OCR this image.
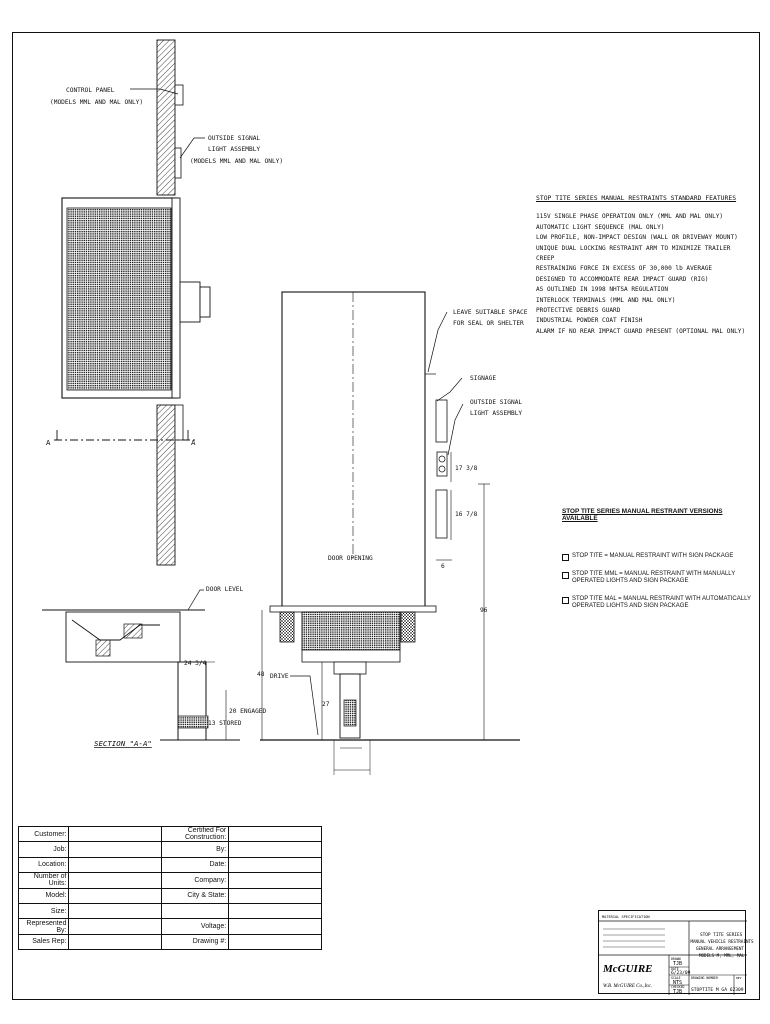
A	A
CONTROL PANEL
(MODELS MML AND MAL ONLY)
OUTSIDE SIGNAL
LIGHT ASSEMBLY
(MODELS MML AND MAL ONLY)
DOOR OPENING
LEAVE SUITABLE SPACE
FOR SEAL OR SHELTER
SIGNAGE
OUTSIDE SIGNAL
LIGHT ASSEMBLY
17 3/8
16 7/8
6
96
48
27
DRIVE
DOOR LEVEL
24 3/4
20 ENGAGED
13 STORED
SECTION "A-A"
STOP TITE SERIES MANUAL RESTRAINTS STANDARD FEATURES
115V SINGLE PHASE OPERATION ONLY (MML AND MAL ONLY)
AUTOMATIC LIGHT SEQUENCE (MAL ONLY)
LOW PROFILE, NON-IMPACT DESIGN (WALL OR DRIVEWAY MOUNT)
UNIQUE DUAL LOCKING RESTRAINT ARM TO MINIMIZE TRAILER CREEP
RESTRAINING FORCE IN EXCESS OF 30,000 lb AVERAGE
DESIGNED TO ACCOMMODATE REAR IMPACT GUARD (RIG)
AS OUTLINED IN 1998 NHTSA REGULATION
INTERLOCK TERMINALS (MML AND MAL ONLY)
PROTECTIVE DEBRIS GUARD
INDUSTRIAL POWDER COAT FINISH
ALARM IF NO REAR IMPACT GUARD PRESENT (OPTIONAL MAL ONLY)
STOP TITE SERIES MANUAL RESTRAINT VERSIONS AVAILABLE
STOP TITE = MANUAL RESTRAINT WITH SIGN PACKAGE
STOP TITE MML = MANUAL RESTRAINT WITH MANUALLY OPERATED LIGHTS AND SIGN PACKAGE
STOP TITE MAL = MANUAL RESTRAINT WITH AUTOMATICALLY OPERATED LIGHTS AND SIGN PACKAGE
Customer:		Certified For Construction:	
Job:		By:	
Location:		Date:	
Number of Units:		Company:	
Model:		City & State:	
Size:			
Represented By:		Voltage:	
Sales Rep:		Drawing #:	
MATERIAL SPECIFICATION
McGUIRE
W.B. McGUIRE Co.,Inc.
DRAWN
TJB
DATE
6/23/09
SCALE
NTS
CHECKED
TJB
STOP TITE SERIES
MANUAL VEHICLE RESTRAINTS
GENERAL ARRANGEMENT
MODELS M, MML, MAL
DRAWING NUMBER	REV
STOPTITE M GA 62309
